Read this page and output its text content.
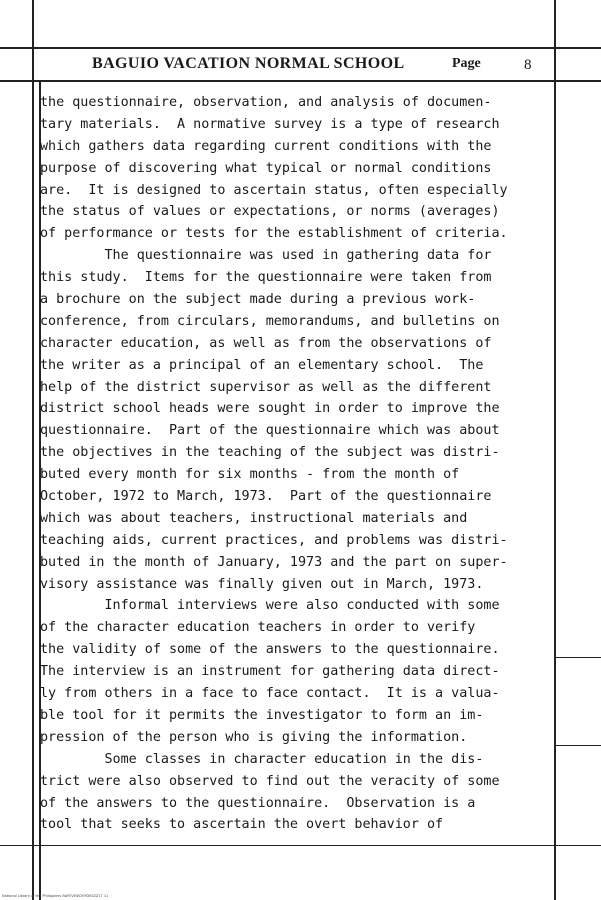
BAGUIO VACATION NORMAL SCHOOL	Page	8
the questionnaire, observation, and analysis of documen-
tary materials.  A normative survey is a type of research
which gathers data regarding current conditions with the
purpose of discovering what typical or normal conditions
are.  It is designed to ascertain status, often especially
the status of values or expectations, or norms (averages)
of performance or tests for the establishment of criteria.
The questionnaire was used in gathering data for
this study.  Items for the questionnaire were taken from
a brochure on the subject made during a previous work-
conference, from circulars, memorandums, and bulletins on
character education, as well as from the observations of
the writer as a principal of an elementary school.  The
help of the district supervisor as well as the different
district school heads were sought in order to improve the
questionnaire.  Part of the questionnaire which was about
the objectives in the teaching of the subject was distri-
buted every month for six months - from the month of
October, 1972 to March, 1973.  Part of the questionnaire
which was about teachers, instructional materials and
teaching aids, current practices, and problems was distri-
buted in the month of January, 1973 and the part on super-
visory assistance was finally given out in March, 1973.
Informal interviews were also conducted with some
of the character education teachers in order to verify
the validity of some of the answers to the questionnaire.
The interview is an instrument for gathering data direct-
ly from others in a face to face contact.  It is a valua-
ble tool for it permits the investigator to form an im-
pression of the person who is giving the information.
Some classes in character education in the dis-
trict were also observed to find out the veracity of some
of the answers to the questionnaire.  Observation is a
tool that seeks to ascertain the overt behavior of
National Library of the Philippines BAFEVEIEDVYDESZZ17 11
